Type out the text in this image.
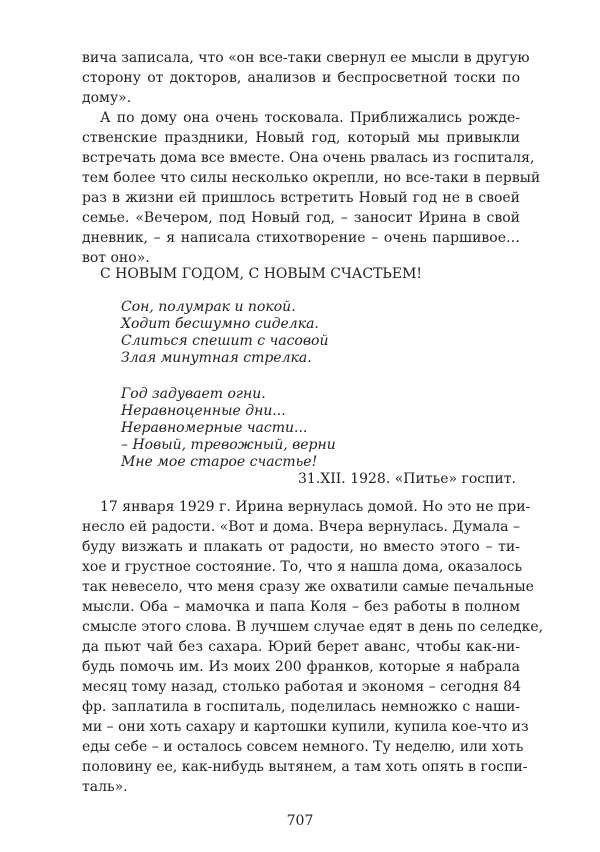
вича записала, что «он все-таки свернул ее мысли в другую
сторону от докторов, анализов и беспросветной тоски по
дому».
А по дому она очень тосковала. Приближались рожде-
ственские праздники, Новый год, который мы привыкли
встречать дома все вместе. Она очень рвалась из госпиталя,
тем более что силы несколько окрепли, но все-таки в первый
раз в жизни ей пришлось встретить Новый год не в своей
семье. «Вечером, под Новый год, – заносит Ирина в свой
дневник, – я написала стихотворение – очень паршивое…
вот оно».
С НОВЫМ ГОДОМ, С НОВЫМ СЧАСТЬЕМ!
Сон, полумрак и покой.
Ходит бесшумно сиделка.
Слиться спешит с часовой
Злая минутная стрелка.
Год задувает огни.
Неравноценные дни...
Неравномерные части...
– Новый, тревожный, верни
Мне мое старое счастье!
31.XII. 1928. «Питье» госпит.
17 января 1929 г. Ирина вернулась домой. Но это не при-
несло ей радости. «Вот и дома. Вчера вернулась. Думала –
буду визжать и плакать от радости, но вместо этого – ти-
хое и грустное состояние. То, что я нашла дома, оказалось
так невесело, что меня сразу же охватили самые печальные
мысли. Оба – мамочка и папа Коля – без работы в полном
смысле этого слова. В лучшем случае едят в день по селедке,
да пьют чай без сахара. Юрий берет аванс, чтобы как-ни-
будь помочь им. Из моих 200 франков, которые я набрала
месяц тому назад, столько работая и экономя – сегодня 84
фр. заплатила в госпиталь, поделилась немножко с наши-
ми – они хоть сахару и картошки купили, купила кое-что из
еды себе – и осталось совсем немного. Ту неделю, или хоть
половину ее, как-нибудь вытянем, а там хоть опять в госпи-
таль».
707
